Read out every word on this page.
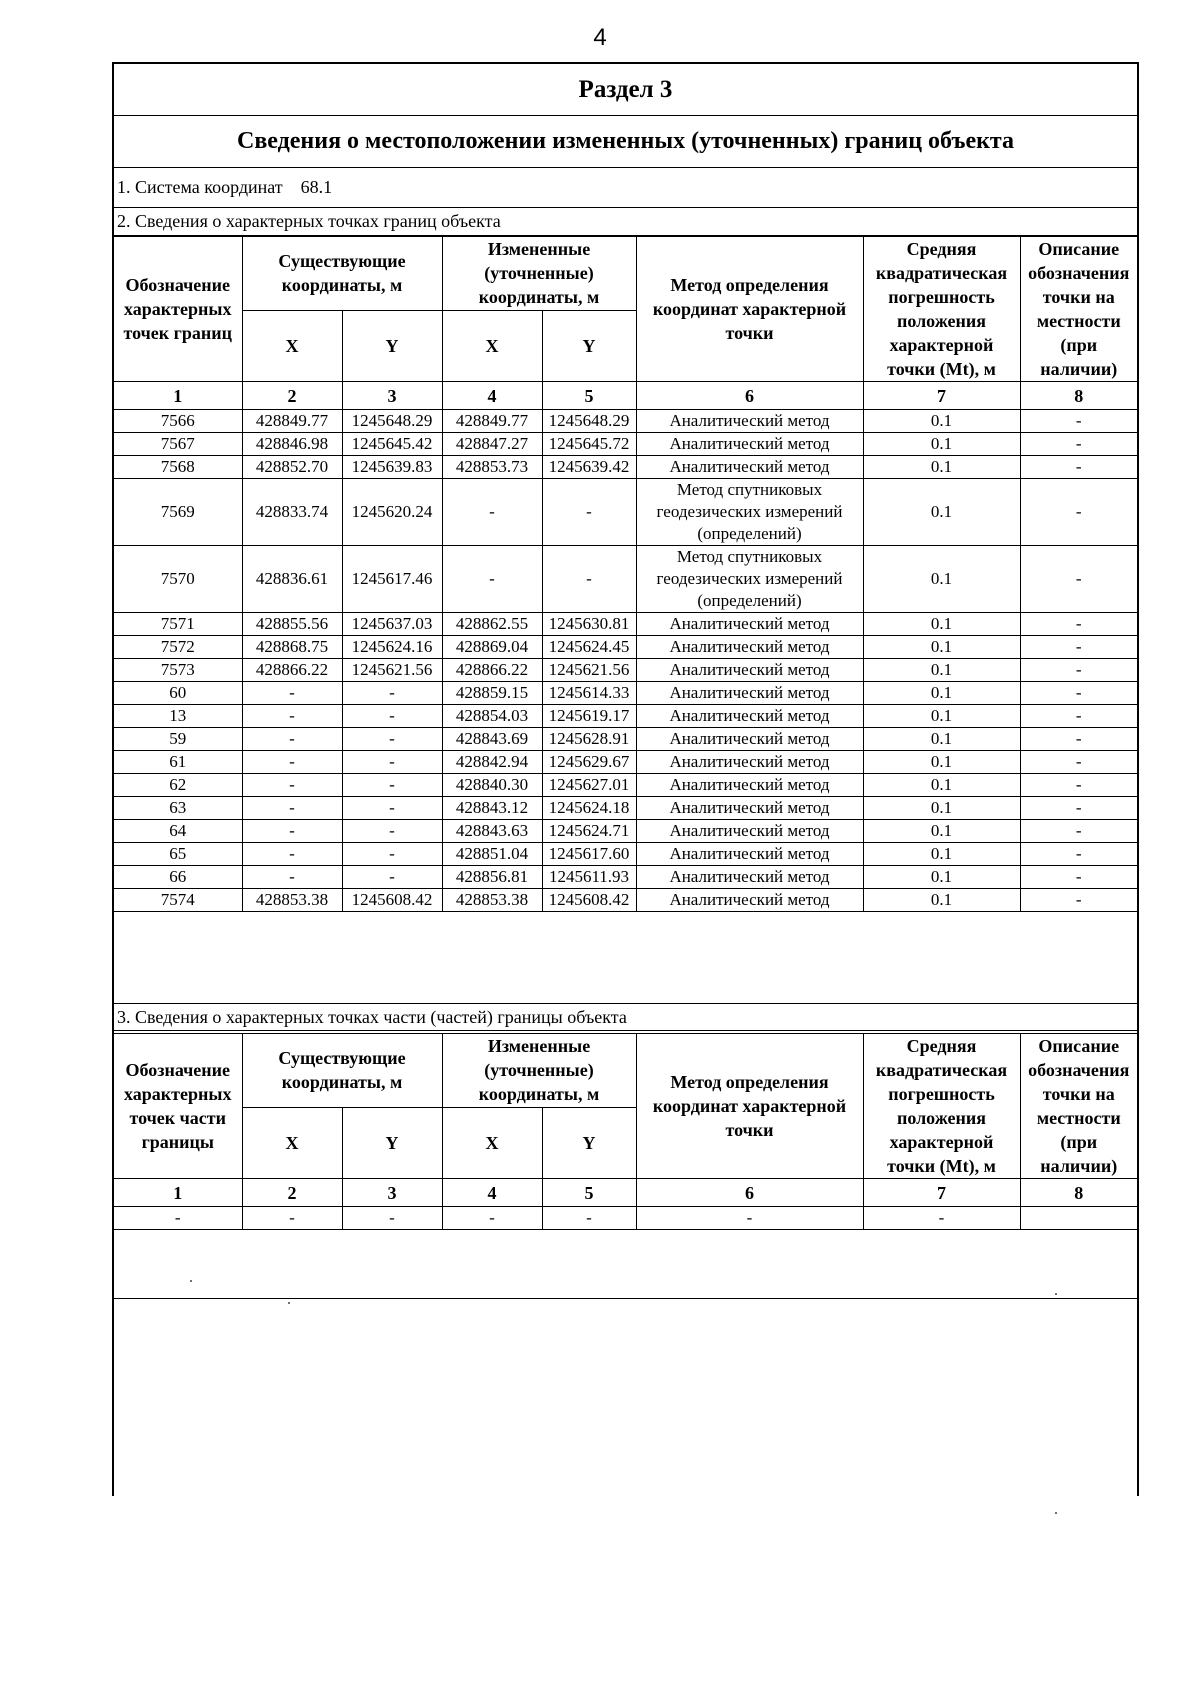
4
Раздел 3
Сведения о местоположении измененных (уточненных) границ объекта
1. Система координат 68.1
2. Сведения о характерных точках границ объекта
Обозначение характерных точек границ	Существующие координаты, м		Измененные (уточненные) координаты, м		Метод определения координат характерной точки	Средняя квадратическая погрешность положения характерной точки (Mt), м	Описание обозначения точки на местности (при наличии)
	X	Y	X	Y			
1	2	3	4	5	6	7	8
7566	428849.77	1245648.29	428849.77	1245648.29	Аналитический метод	0.1	-
7567	428846.98	1245645.42	428847.27	1245645.72	Аналитический метод	0.1	-
7568	428852.70	1245639.83	428853.73	1245639.42	Аналитический метод	0.1	-
7569	428833.74	1245620.24	-	-	Метод спутниковых геодезических измерений (определений)	0.1	-
7570	428836.61	1245617.46	-	-	Метод спутниковых геодезических измерений (определений)	0.1	-
7571	428855.56	1245637.03	428862.55	1245630.81	Аналитический метод	0.1	-
7572	428868.75	1245624.16	428869.04	1245624.45	Аналитический метод	0.1	-
7573	428866.22	1245621.56	428866.22	1245621.56	Аналитический метод	0.1	-
60	-	-	428859.15	1245614.33	Аналитический метод	0.1	-
13	-	-	428854.03	1245619.17	Аналитический метод	0.1	-
59	-	-	428843.69	1245628.91	Аналитический метод	0.1	-
61	-	-	428842.94	1245629.67	Аналитический метод	0.1	-
62	-	-	428840.30	1245627.01	Аналитический метод	0.1	-
63	-	-	428843.12	1245624.18	Аналитический метод	0.1	-
64	-	-	428843.63	1245624.71	Аналитический метод	0.1	-
65	-	-	428851.04	1245617.60	Аналитический метод	0.1	-
66	-	-	428856.81	1245611.93	Аналитический метод	0.1	-
7574	428853.38	1245608.42	428853.38	1245608.42	Аналитический метод	0.1	-
3. Сведения о характерных точках части (частей) границы объекта
Обозначение характерных точек части границы	Существующие координаты, м		Измененные (уточненные) координаты, м		Метод определения координат характерной точки	Средняя квадратическая погрешность положения характерной точки (Mt), м	Описание обозначения точки на местности (при наличии)
	X	Y	X	Y			
1	2	3	4	5	6	7	8
-	-	-	-	-	-	-	
